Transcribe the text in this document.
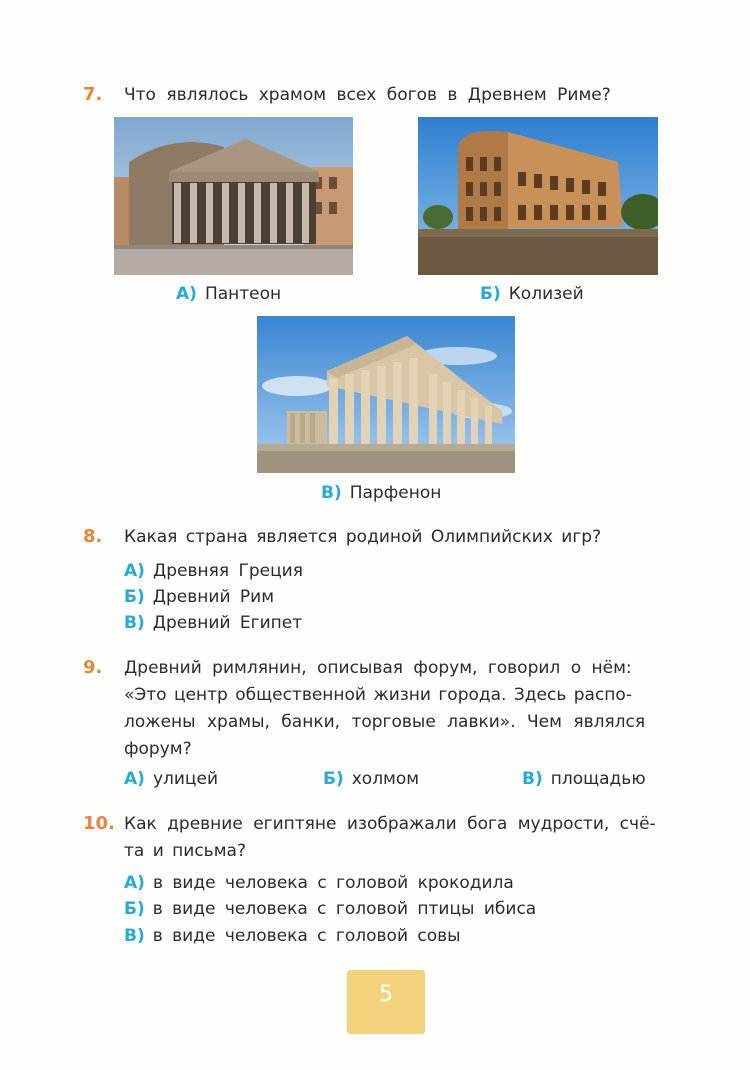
7. Что являлось храмом всех богов в Древнем Риме?
А) Пантеон	Б) Колизей
В) Парфенон
8. Какая страна является родиной Олимпийских игр?
А) Древняя Греция
Б) Древний Рим
В) Древний Египет
9. Древний римлянин, описывая форум, говорил о нём:
«Это центр общественной жизни города. Здесь распо-
ложены храмы, банки, торговые лавки». Чем являлся
форум?
А) улицей	Б) холмом	В) площадью
10. Как древние египтяне изображали бога мудрости, счё-
та и письма?
А) в виде человека с головой крокодила
Б) в виде человека с головой птицы ибиса
В) в виде человека с головой совы
5
